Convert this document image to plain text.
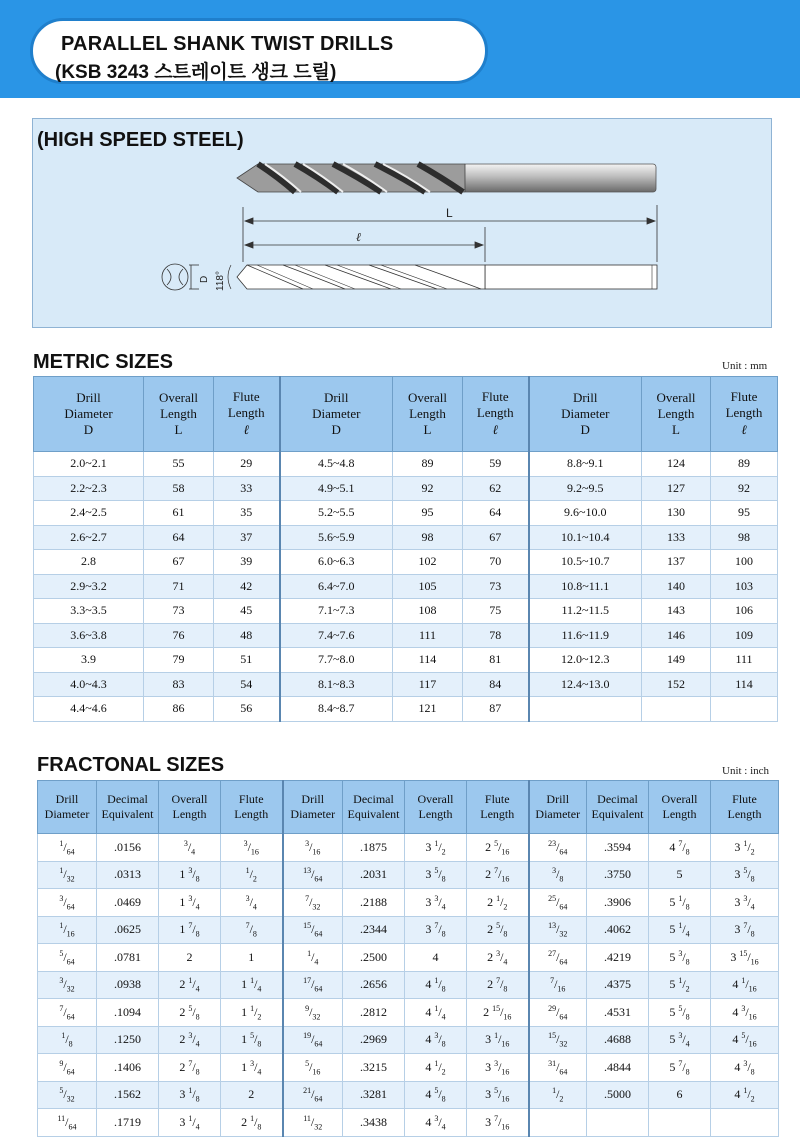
PARALLEL SHANK TWIST DRILLS
(KSB 3243 스트레이트 생크 드릴)
(HIGH SPEED STEEL)
L
ℓ
D 118°
METRIC SIZES	Unit : mm
Drill
Diameter
D	Overall
Length
L	Flute
Length
ℓ	Drill
Diameter
D	Overall
Length
L	Flute
Length
ℓ	Drill
Diameter
D	Overall
Length
L	Flute
Length
ℓ
2.0~2.1	55	29	4.5~4.8	89	59	8.8~9.1	124	89
2.2~2.3	58	33	4.9~5.1	92	62	9.2~9.5	127	92
2.4~2.5	61	35	5.2~5.5	95	64	9.6~10.0	130	95
2.6~2.7	64	37	5.6~5.9	98	67	10.1~10.4	133	98
2.8	67	39	6.0~6.3	102	70	10.5~10.7	137	100
2.9~3.2	71	42	6.4~7.0	105	73	10.8~11.1	140	103
3.3~3.5	73	45	7.1~7.3	108	75	11.2~11.5	143	106
3.6~3.8	76	48	7.4~7.6	111	78	11.6~11.9	146	109
3.9	79	51	7.7~8.0	114	81	12.0~12.3	149	111
4.0~4.3	83	54	8.1~8.3	117	84	12.4~13.0	152	114
4.4~4.6	86	56	8.4~8.7	121	87			
FRACTONAL SIZES	Unit : inch
Drill
Diameter	Decimal
Equivalent	Overall
Length	Flute
Length	Drill
Diameter	Decimal
Equivalent	Overall
Length	Flute
Length	Drill
Diameter	Decimal
Equivalent	Overall
Length	Flute
Length
$^1/_{64}$	.0156	$^3/_4$	$^3/_{16}$	$^3/_{16}$	.1875	3 $^1/_2$	2 $^5/_{16}$	$^{23}/_{64}$	.3594	4 $^7/_8$	3 $^1/_2$
$^1/_{32}$	.0313	1 $^3/_8$	$^1/_2$	$^{13}/_{64}$	.2031	3 $^5/_8$	2 $^7/_{16}$	$^3/_8$	.3750	5	3 $^5/_8$
$^3/_{64}$	.0469	1 $^3/_4$	$^3/_4$	$^7/_{32}$	.2188	3 $^3/_4$	2 $^1/_2$	$^{25}/_{64}$	.3906	5 $^1/_8$	3 $^3/_4$
$^1/_{16}$	.0625	1 $^7/_8$	$^7/_8$	$^{15}/_{64}$	.2344	3 $^7/_8$	2 $^5/_8$	$^{13}/_{32}$	.4062	5 $^1/_4$	3 $^7/_8$
$^5/_{64}$	.0781	2	1	$^1/_4$	.2500	4	2 $^3/_4$	$^{27}/_{64}$	.4219	5 $^3/_8$	3 $^{15}/_{16}$
$^3/_{32}$	.0938	2 $^1/_4$	1 $^1/_4$	$^{17}/_{64}$	.2656	4 $^1/_8$	2 $^7/_8$	$^7/_{16}$	.4375	5 $^1/_2$	4 $^1/_{16}$
$^7/_{64}$	.1094	2 $^5/_8$	1 $^1/_2$	$^9/_{32}$	.2812	4 $^1/_4$	2 $^{15}/_{16}$	$^{29}/_{64}$	.4531	5 $^5/_8$	4 $^3/_{16}$
$^1/_8$	.1250	2 $^3/_4$	1 $^5/_8$	$^{19}/_{64}$	.2969	4 $^3/_8$	3 $^1/_{16}$	$^{15}/_{32}$	.4688	5 $^3/_4$	4 $^5/_{16}$
$^9/_{64}$	.1406	2 $^7/_8$	1 $^3/_4$	$^5/_{16}$	.3215	4 $^1/_2$	3 $^3/_{16}$	$^{31}/_{64}$	.4844	5 $^7/_8$	4 $^3/_8$
$^5/_{32}$	.1562	3 $^1/_8$	2	$^{21}/_{64}$	.3281	4 $^5/_8$	3 $^5/_{16}$	$^1/_2$	.5000	6	4 $^1/_2$
$^{11}/_{64}$	.1719	3 $^1/_4$	2 $^1/_8$	$^{11}/_{32}$	.3438	4 $^3/_4$	3 $^7/_{16}$				
